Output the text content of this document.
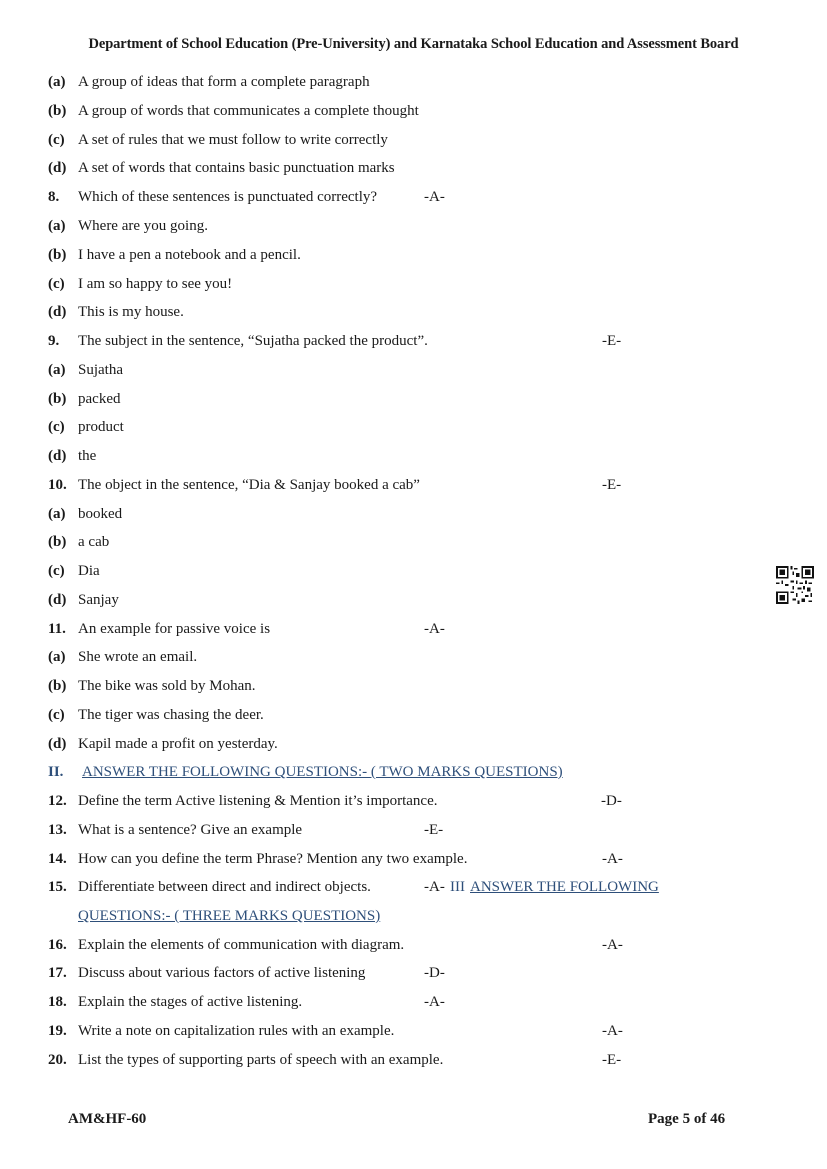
Department of School Education (Pre-University) and Karnataka School Education and Assessment Board
(a) A group of ideas that form a complete paragraph
(b) A group of words that communicates a complete thought
(c) A set of rules that we must follow to write correctly
(d) A set of words that contains basic punctuation marks
8. Which of these sentences is punctuated correctly?	-A-
(a) Where are you going.
(b) I have a pen a notebook and a pencil.
(c) I am so happy to see you!
(d) This is my house.
9. The subject in the sentence, “Sujatha packed the product”.	-E-
(a) Sujatha
(b) packed
(c) product
(d) the
10. The object in the sentence, “Dia & Sanjay booked a cab”	-E-
(a) booked
(b) a cab
(c) Dia
(d) Sanjay
11. An example for passive voice is	-A-
(a) She wrote an email.
(b) The bike was sold by Mohan.
(c) The tiger was chasing the deer.
(d) Kapil made a profit on yesterday.
II. ANSWER THE FOLLOWING QUESTIONS:- ( TWO MARKS QUESTIONS)
12. Define the term Active listening & Mention it’s importance.	-D-
13. What is a sentence? Give an example	-E-
14. How can you define the term Phrase? Mention any two example.	-A-
15. Differentiate between direct and indirect objects.	-A- III ANSWER THE FOLLOWING
QUESTIONS:- ( THREE MARKS QUESTIONS)
16. Explain the elements of communication with diagram.	-A-
17. Discuss about various factors of active listening	-D-
18. Explain the stages of active listening.	-A-
19. Write a note on capitalization rules with an example.	-A-
20. List the types of supporting parts of speech with an example.	-E-
AM&HF-60	Page 5 of 46
